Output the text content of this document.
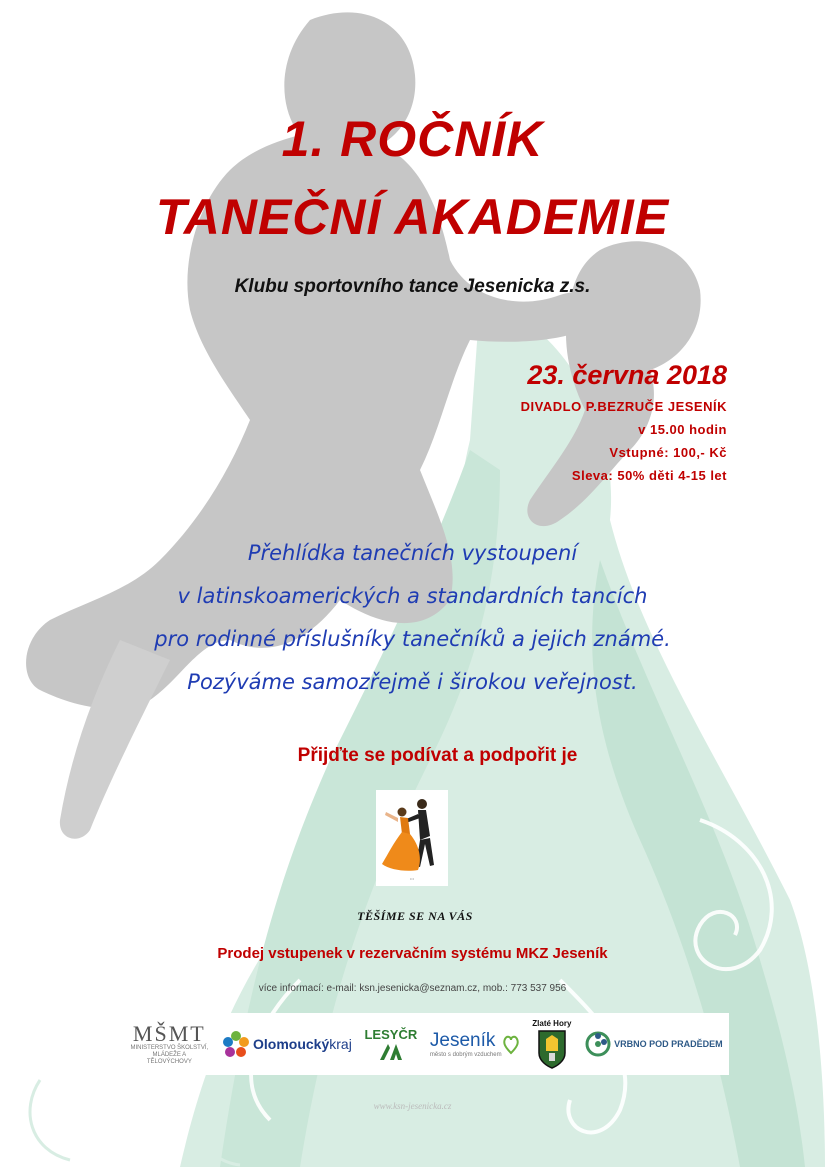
1. ROČNÍK
TANEČNÍ AKADEMIE
Klubu sportovního tance Jesenicka z.s.
23. června 2018
DIVADLO P.BEZRUČE JESENÍK
v 15.00 hodin
Vstupné: 100,- Kč
Sleva: 50% děti 4-15 let
Přehlídka tanečních vystoupení
v latinskoamerických a standardních tancích
pro rodinné příslušníky tanečníků a jejich známé.
Pozýváme samozřejmě i širokou veřejnost.
Přijďte se podívat a podpořit je
•••
TĚŠÍME SE NA VÁS
Prodej vstupenek v rezervačním systému MKZ Jeseník
více informací: e-mail: ksn.jesenicka@seznam.cz, mob.: 773 537 956
MŠMT
MINISTERSTVO ŠKOLSTVÍ, MLÁDEŽE A TĚLOVÝCHOVY
Olomoucký kraj
LESYČR Jeseník
město s dobrým vzduchem
Zlaté Hory
VRBNO POD PRADĚDEM
www.ksn-jesenicka.cz
